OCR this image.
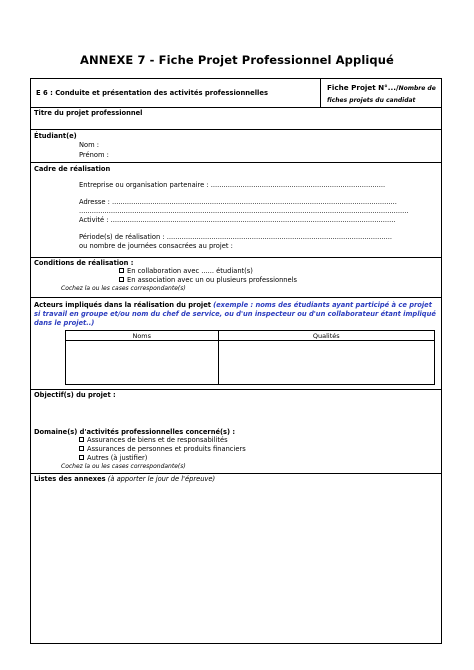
ANNEXE 7 - Fiche Projet Professionnel Appliqué
E 6 : Conduite et présentation des activités professionnelles
Fiche Projet N°.../Nombre de fiches projets du candidat
Titre du projet professionnel
Étudiant(e)
Nom :
Prénom :
Cadre de réalisation
Entreprise ou organisation partenaire : ..................................................................................
Adresse : ......................................................................................................................................
...........................................................................................................................................................
Activité : ......................................................................................................................................
Période(s) de réalisation : ..........................................................................................................
ou nombre de journées consacrées au projet :
Conditions de réalisation :
En collaboration avec ...... étudiant(s)
En association avec un ou plusieurs professionnels
Cochez la ou les cases correspondante(s)
Acteurs impliqués dans la réalisation du projet (exemple : noms des étudiants ayant participé à ce projet si travail en groupe et/ou nom du chef de service, ou d'un inspecteur ou d'un collaborateur étant impliqué dans le projet..)
Noms	Qualités

Objectif(s) du projet :
Domaine(s) d'activités professionnelles concerné(s) :
Assurances de biens et de responsabilités
Assurances de personnes et produits financiers
Autres (à justifier)
Cochez la ou les cases correspondante(s)
Listes des annexes (à apporter le jour de l'épreuve)
